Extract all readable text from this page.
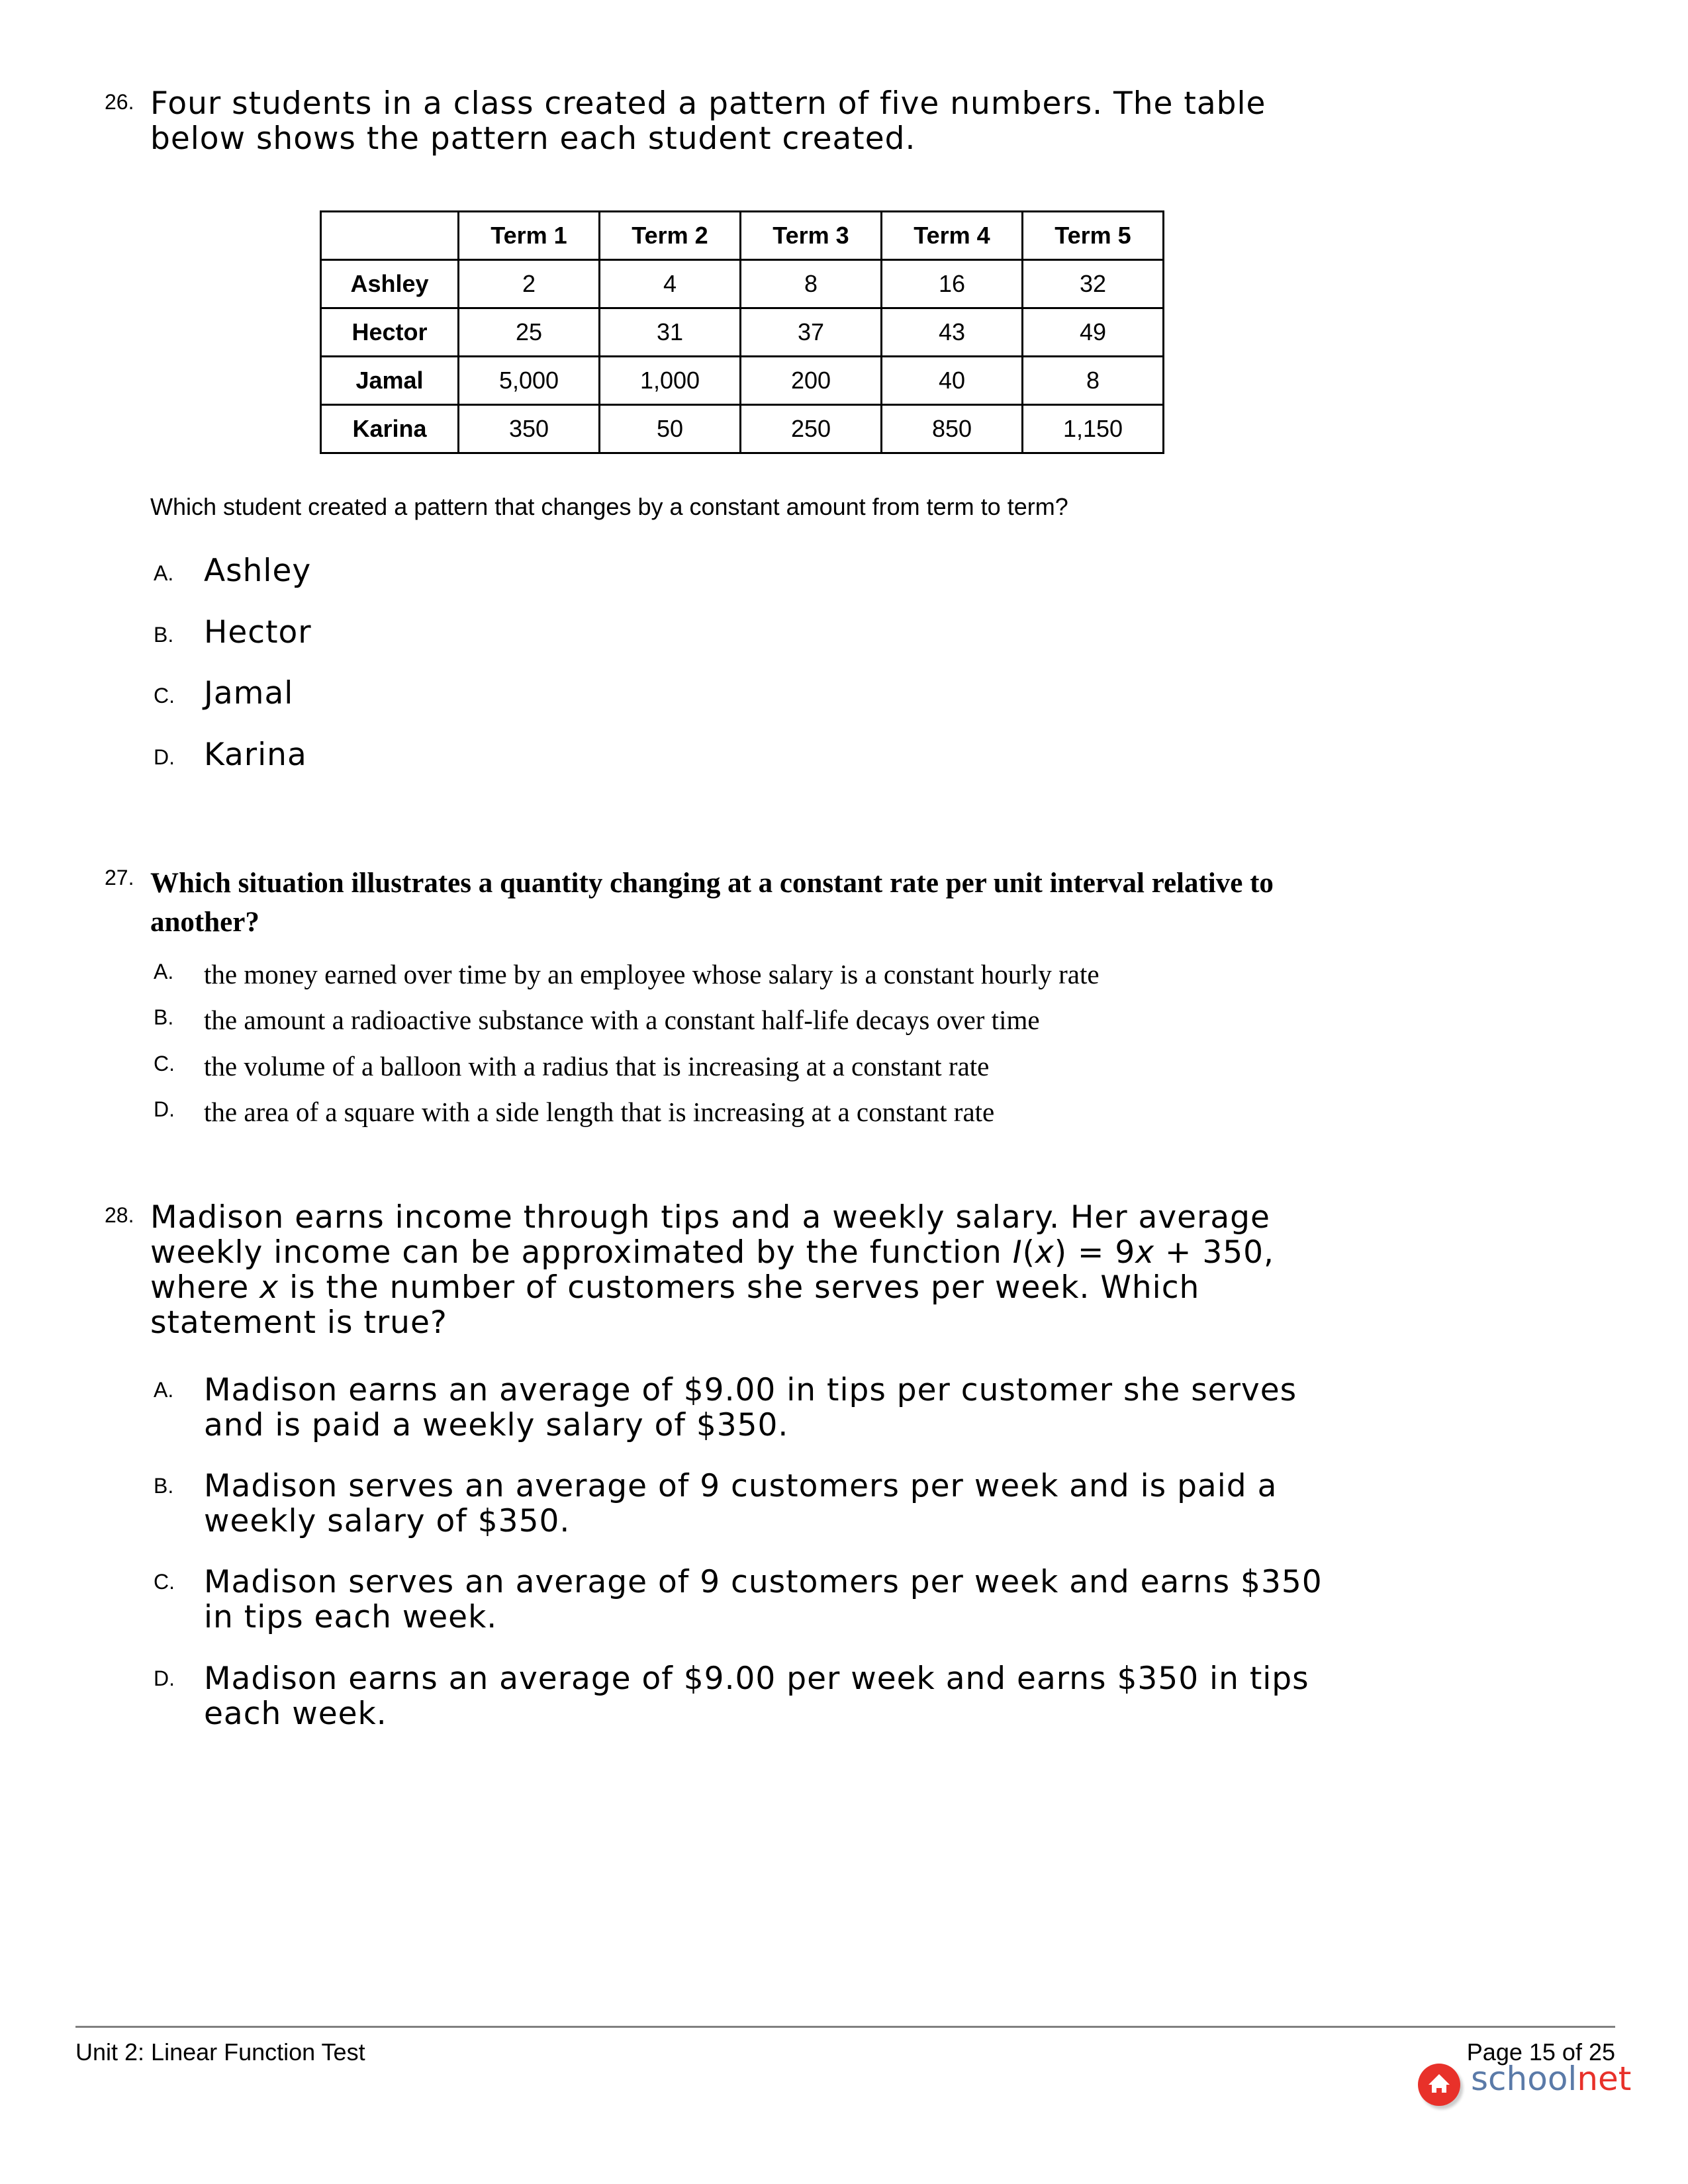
26. Four students in a class created a pattern of five numbers. The table
below shows the pattern each student created.
	Term 1	Term 2	Term 3	Term 4	Term 5
Ashley	2	4	8	16	32
Hector	25	31	37	43	49
Jamal	5,000	1,000	200	40	8
Karina	350	50	250	850	1,150
Which student created a pattern that changes by a constant amount from term to term?
A. Ashley
B. Hector
C. Jamal
D. Karina
27. Which situation illustrates a quantity changing at a constant rate per unit interval relative to
another?
A. the money earned over time by an employee whose salary is a constant hourly rate
B. the amount a radioactive substance with a constant half-life decays over time
C. the volume of a balloon with a radius that is increasing at a constant rate
D. the area of a square with a side length that is increasing at a constant rate
28. Madison earns income through tips and a weekly salary. Her average
weekly income can be approximated by the function I(x) = 9x + 350,
where x is the number of customers she serves per week. Which
statement is true?
A. Madison earns an average of $9.00 in tips per customer she serves
and is paid a weekly salary of $350.
B. Madison serves an average of 9 customers per week and is paid a
weekly salary of $350.
C. Madison serves an average of 9 customers per week and earns $350
in tips each week.
D. Madison earns an average of $9.00 per week and earns $350 in tips
each week.
Unit 2: Linear Function Test	Page 15 of 25
schoolnet
